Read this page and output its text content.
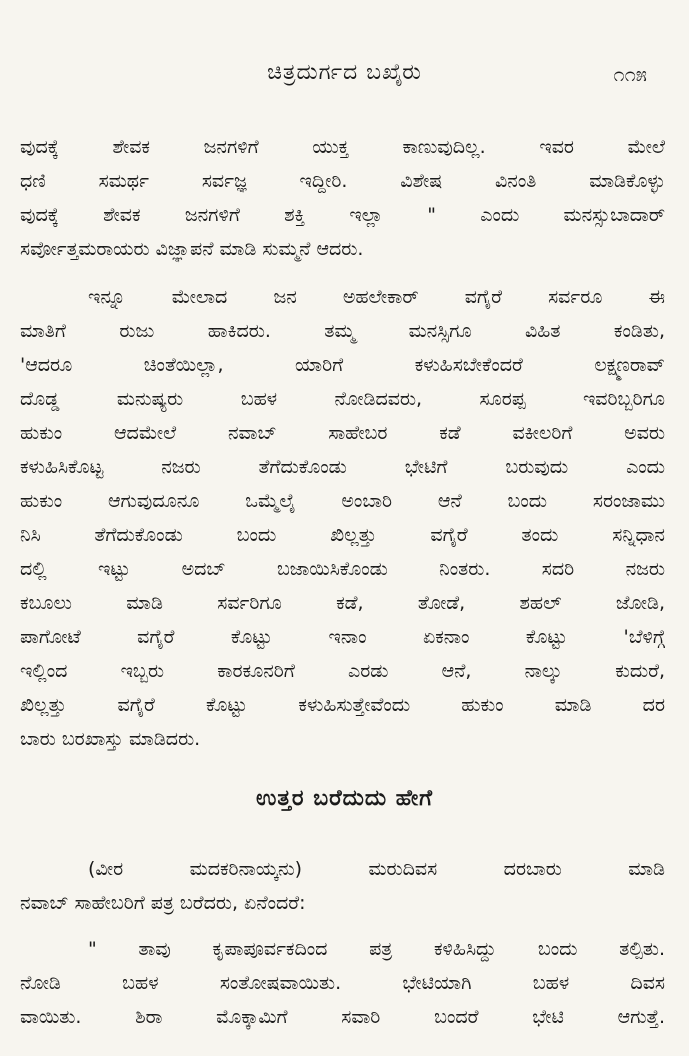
ಚಿತ್ರದುರ್ಗದ ಬಖೈರು	೧೧೫
ವುದಕ್ಕೆ ಶೇವಕ ಜನಗಳಿಗೆ ಯುಕ್ತ ಕಾಣುವುದಿಲ್ಲ. ಇವರ ಮೇಲೆ
ಧಣಿ ಸಮರ್ಥ ಸರ್ವಜ್ಞ ಇದ್ದೀರಿ. ವಿಶೇಷ ವಿನಂತಿ ಮಾಡಿಕೊಳ್ಳು
ವುದಕ್ಕೆ ಶೇವಕ ಜನಗಳಿಗೆ ಶಕ್ತಿ ಇಲ್ಲಾ " ಎಂದು ಮನಸ್ಸುಬಾದಾರ್
ಸರ್ವೋತ್ತಮರಾಯರು ವಿಜ್ಞಾಪನೆ ಮಾಡಿ ಸುಮ್ಮನೆ ಆದರು.
ಇನ್ನೂ ಮೇಲಾದ ಜನ ಅಹಲೇಕಾರ್ ವಗೈರೆ ಸರ್ವರೂ ಈ
ಮಾತಿಗೆ ರುಜು ಹಾಕಿದರು. ತಮ್ಮ ಮನಸ್ಸಿಗೂ ವಿಹಿತ ಕಂಡಿತು,
'ಆದರೂ ಚಿಂತೆಯಿಲ್ಲಾ, ಯಾರಿಗೆ ಕಳುಹಿಸಬೇಕೆಂದರೆ ಲಕ್ಷ್ಮಣರಾವ್
ದೊಡ್ಡ ಮನುಷ್ಯರು ಬಹಳ ನೋಡಿದವರು, ಸೂರಪ್ಪ ಇವರಿಬ್ಬರಿಗೂ
ಹುಕುಂ ಆದಮೇಲೆ ನವಾಬ್ ಸಾಹೇಬರ ಕಡೆ ವಕೀಲರಿಗೆ ಅವರು
ಕಳುಹಿಸಿಕೊಟ್ಟ ನಜರು ತೆಗೆದುಕೊಂಡು ಭೇಟಿಗೆ ಬರುವುದು ಎಂದು
ಹುಕುಂ ಆಗುವುದೂನೂ ಒಮ್ಮೆಲೈ ಅಂಬಾರಿ ಆನೆ ಬಂದು ಸರಂಜಾಮು
ನಿಸಿ ತೆಗೆದುಕೊಂಡು ಬಂದು ಖಿಲ್ಲತ್ತು ವಗೈರೆ ತಂದು ಸನ್ನಿಧಾನ
ದಲ್ಲಿ ಇಟ್ಟು ಅದಬ್ ಬಜಾಯಿಸಿಕೊಂಡು ನಿಂತರು. ಸದರಿ ನಜರು
ಕಬೂಲು ಮಾಡಿ ಸರ್ವರಿಗೂ ಕಡೆ, ತೋಡೆ, ಶಹಲ್ ಜೋಡಿ,
ಪಾಗೋಟೆ ವಗೈರೆ ಕೊಟ್ಟು ಇನಾಂ ಏಕನಾಂ ಕೊಟ್ಟು 'ಬೆಳಿಗ್ಗೆ
ಇಲ್ಲಿಂದ ಇಬ್ಬರು ಕಾರಕೂನರಿಗೆ ಎರಡು ಆನೆ, ನಾಲ್ಕು ಕುದುರೆ,
ಖಿಲ್ಲತ್ತು ವಗೈರೆ ಕೊಟ್ಟು ಕಳುಹಿಸುತ್ತೇವೆಂದು ಹುಕುಂ ಮಾಡಿ ದರ
ಬಾರು ಬರಖಾಸ್ತು ಮಾಡಿದರು.
ಉತ್ತರ ಬರೆದುದು ಹೇಗೆ
(ವೀರ ಮದಕರಿನಾಯ್ಕನು) ಮರುದಿವಸ ದರಬಾರು ಮಾಡಿ
ನವಾಬ್ ಸಾಹೇಬರಿಗೆ ಪತ್ರ ಬರೆದರು, ಏನೆಂದರೆ:
" ತಾವು ಕೃಪಾಪೂರ್ವಕದಿಂದ ಪತ್ರ ಕಳಿಹಿಸಿದ್ದು ಬಂದು ತಲ್ಪಿತು.
ನೋಡಿ ಬಹಳ ಸಂತೋಷವಾಯಿತು. ಭೇಟಿಯಾಗಿ ಬಹಳ ದಿವಸ
ವಾಯಿತು. ಶಿರಾ ಮೊಕ್ಕಾಮಿಗೆ ಸವಾರಿ ಬಂದರೆ ಭೇಟಿ ಆಗುತ್ತೆ.
